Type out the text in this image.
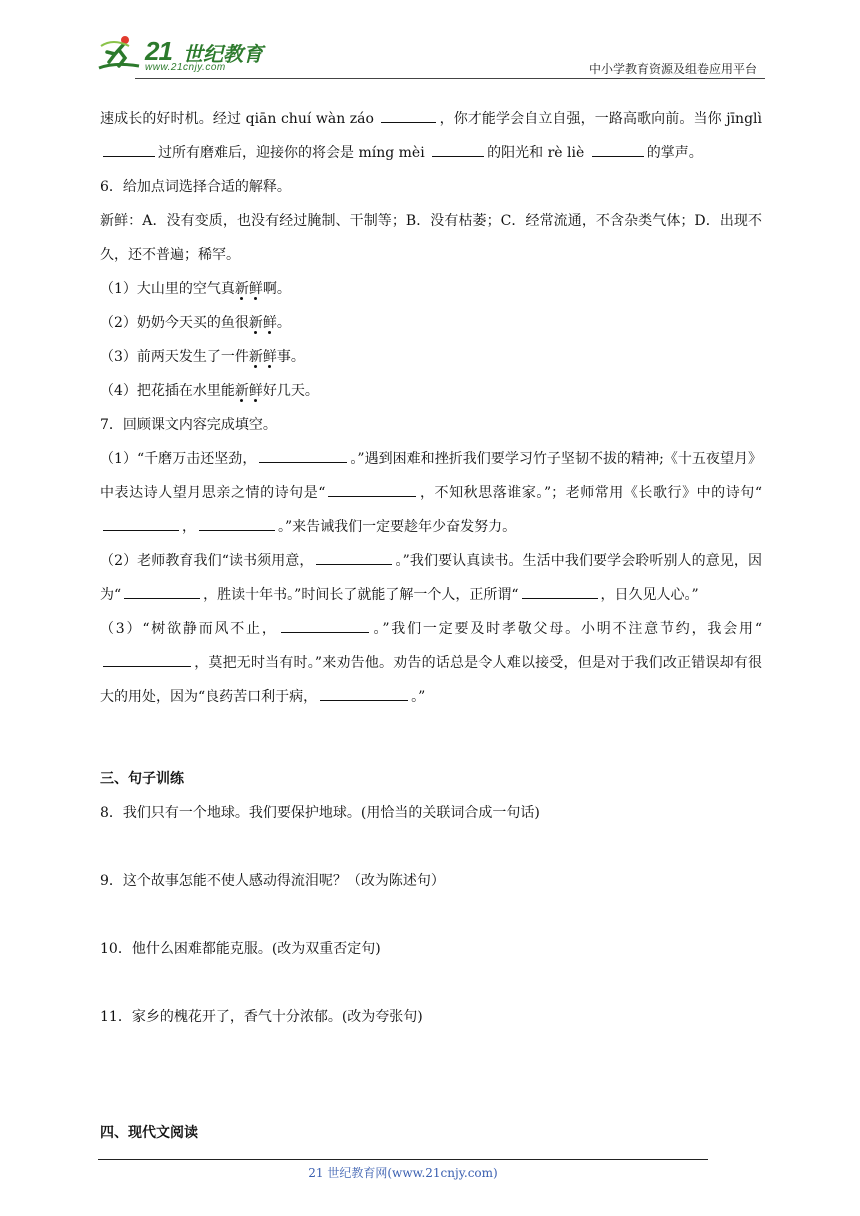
21 世纪教育
www.21cnjy.com	中小学教育资源及组卷应用平台

速成长的好时机。经过 qiān chuí wàn záo	，你才能学会自立自强，一路高歌向前。当你 jīnglì 过所有磨难后，迎接你的将会是 míng mèi	的阳光和 rè liè	的掌声。

6．给加点词选择合适的解释。

新鲜：A．没有变质，也没有经过腌制、干制等；B．没有枯萎；C．经常流通，不含杂类气体；D．出现不久，还不普遍；稀罕。

（1）大山里的空气真新鲜啊。

（2）奶奶今天买的鱼很新鲜。

（3）前两天发生了一件新鲜事。

（4）把花插在水里能新鲜好几天。

7．回顾课文内容完成填空。

（1）“千磨万击还坚劲，	。”遇到困难和挫折我们要学习竹子坚韧不拔的精神;《十五夜望月》中表达诗人望月思亲之情的诗句是“	，不知秋思落谁家。”；老师常用《长歌行》中的诗句“，	。”来告诫我们一定要趁年少奋发努力。

（2）老师教育我们“读书须用意，	。”我们要认真读书。生活中我们要学会聆听别人的意见，因为“	，胜读十年书。”时间长了就能了解一个人，正所谓“	，日久见人心。”

（3）“树欲静而风不止，	。”我们一定要及时孝敬父母。小明不注意节约，我会用“，莫把无时当有时。”来劝告他。劝告的话总是令人难以接受，但是对于我们改正错误却有很大的用处，因为“良药苦口利于病，	。”

三、句子训练

8．我们只有一个地球。我们要保护地球。(用恰当的关联词合成一句话)

9．这个故事怎能不使人感动得流泪呢？（改为陈述句）

10．他什么困难都能克服。(改为双重否定句)

11．家乡的槐花开了，香气十分浓郁。(改为夸张句)

四、现代文阅读

21 世纪教育网(www.21cnjy.com)
